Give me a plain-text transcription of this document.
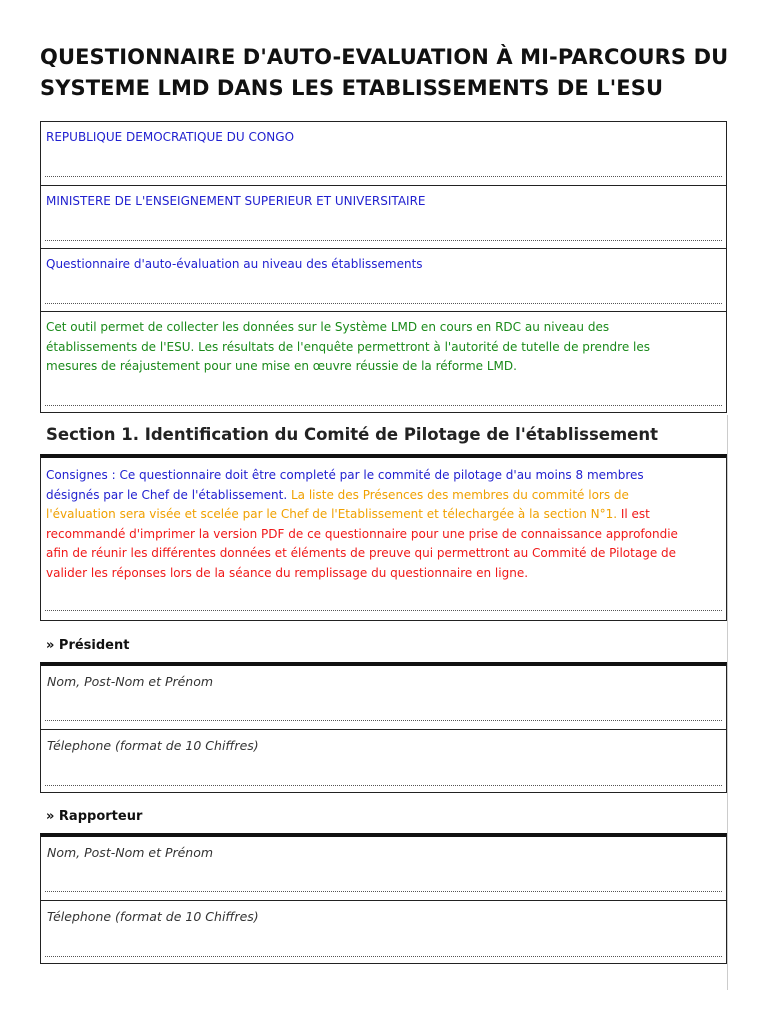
QUESTIONNAIRE D'AUTO-EVALUATION À MI-PARCOURS DU SYSTEME LMD DANS LES ETABLISSEMENTS DE L'ESU

REPUBLIQUE DEMOCRATIQUE DU CONGO

MINISTERE DE L'ENSEIGNEMENT SUPERIEUR ET UNIVERSITAIRE

Questionnaire d'auto-évaluation au niveau des établissements

Cet outil permet de collecter les données sur le Système LMD en cours en RDC au niveau des établissements de l'ESU. Les résultats de l'enquête permettront à l'autorité de tutelle de prendre les mesures de réajustement pour une mise en œuvre réussie de la réforme LMD.

Section 1. Identification du Comité de Pilotage de l'établissement

Consignes : Ce questionnaire doit être completé par le commité de pilotage d'au moins 8 membres désignés par le Chef de l'établissement. La liste des Présences des membres du commité lors de l'évaluation sera visée et scelée par le Chef de l'Etablissement et télechargée à la section N°1. Il est recommandé d'imprimer la version PDF de ce questionnaire pour une prise de connaissance approfondie afin de réunir les différentes données et éléments de preuve qui permettront au Commité de Pilotage de valider les réponses lors de la séance du remplissage du questionnaire en ligne.

» Président

Nom, Post-Nom et Prénom
Télephone (format de 10 Chiffres)

» Rapporteur

Nom, Post-Nom et Prénom
Télephone (format de 10 Chiffres)
